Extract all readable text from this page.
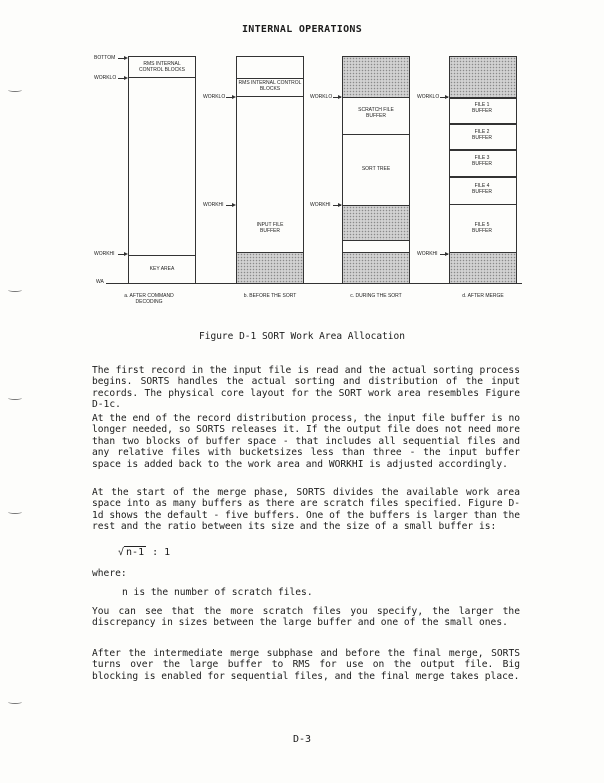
INTERNAL OPERATIONS
BOTTOM
WORKLO
WORKHI
WA
RMS INTERNAL CONTROL BLOCKS
KEY AREA
a. AFTER COMMAND DECODING
RMS INTERNAL CONTROL BLOCKS
WORKLO
WORKHI
INPUT FILE BUFFER
b. BEFORE THE SORT
WORKLO
SCRATCH FILE BUFFER
SORT TREE
WORKHI
c. DURING THE SORT
WORKLO
FILE 1 BUFFER
FILE 2 BUFFER
FILE 3 BUFFER
FILE 4 BUFFER
FILE 5 BUFFER
WORKHI
d. AFTER MERGE
Figure D-1 SORT Work Area Allocation

The first record in the input file is read and the actual sorting process begins. SORTS handles the actual sorting and distribution of the input records. The physical core layout for the SORT work area resembles Figure D-1c.

At the end of the record distribution process, the input file buffer is no longer needed, so SORTS releases it. If the output file does not need more than two blocks of buffer space - that includes all sequential files and any relative files with bucketsizes less than three - the input buffer space is added back to the work area and WORKHI is adjusted accordingly.

At the start of the merge phase, SORTS divides the available work area space into as many buffers as there are scratch files specified. Figure D-1d shows the default - five buffers. One of the buffers is larger than the rest and the ratio between its size and the size of a small buffer is:

√ n-1 : 1
where:
n is the number of scratch files.

You can see that the more scratch files you specify, the larger the discrepancy in sizes between the large buffer and one of the small ones.

After the intermediate merge subphase and before the final merge, SORTS turns over the large buffer to RMS for use on the output file. Big blocking is enabled for sequential files, and the final merge takes place.

D-3
